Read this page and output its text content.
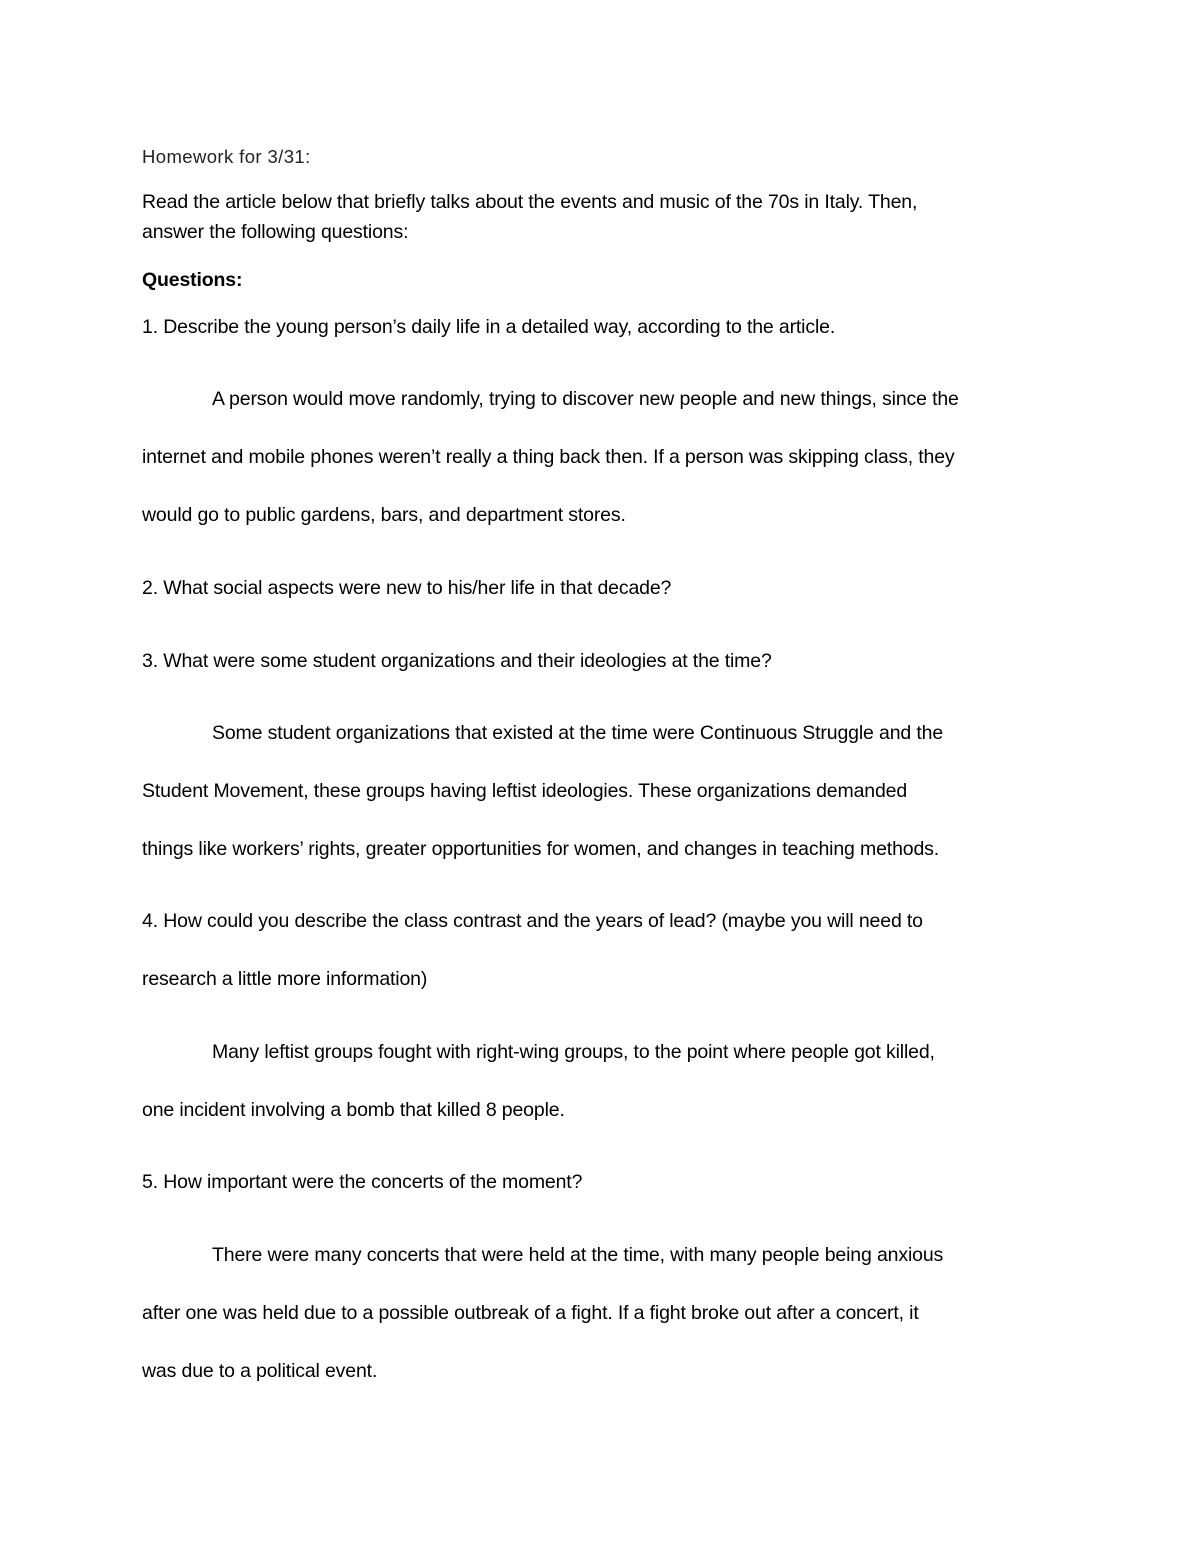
Homework for 3/31:

Read the article below that briefly talks about the events and music of the 70s in Italy. Then,

answer the following questions:

Questions:

1. Describe the young person’s daily life in a detailed way, according to the article.

A person would move randomly, trying to discover new people and new things, since the

internet and mobile phones weren’t really a thing back then. If a person was skipping class, they

would go to public gardens, bars, and department stores.

2. What social aspects were new to his/her life in that decade?

3. What were some student organizations and their ideologies at the time?

Some student organizations that existed at the time were Continuous Struggle and the

Student Movement, these groups having leftist ideologies. These organizations demanded

things like workers’ rights, greater opportunities for women, and changes in teaching methods.

4. How could you describe the class contrast and the years of lead? (maybe you will need to

research a little more information)

Many leftist groups fought with right-wing groups, to the point where people got killed,

one incident involving a bomb that killed 8 people.

5. How important were the concerts of the moment?

There were many concerts that were held at the time, with many people being anxious

after one was held due to a possible outbreak of a fight. If a fight broke out after a concert, it

was due to a political event.
